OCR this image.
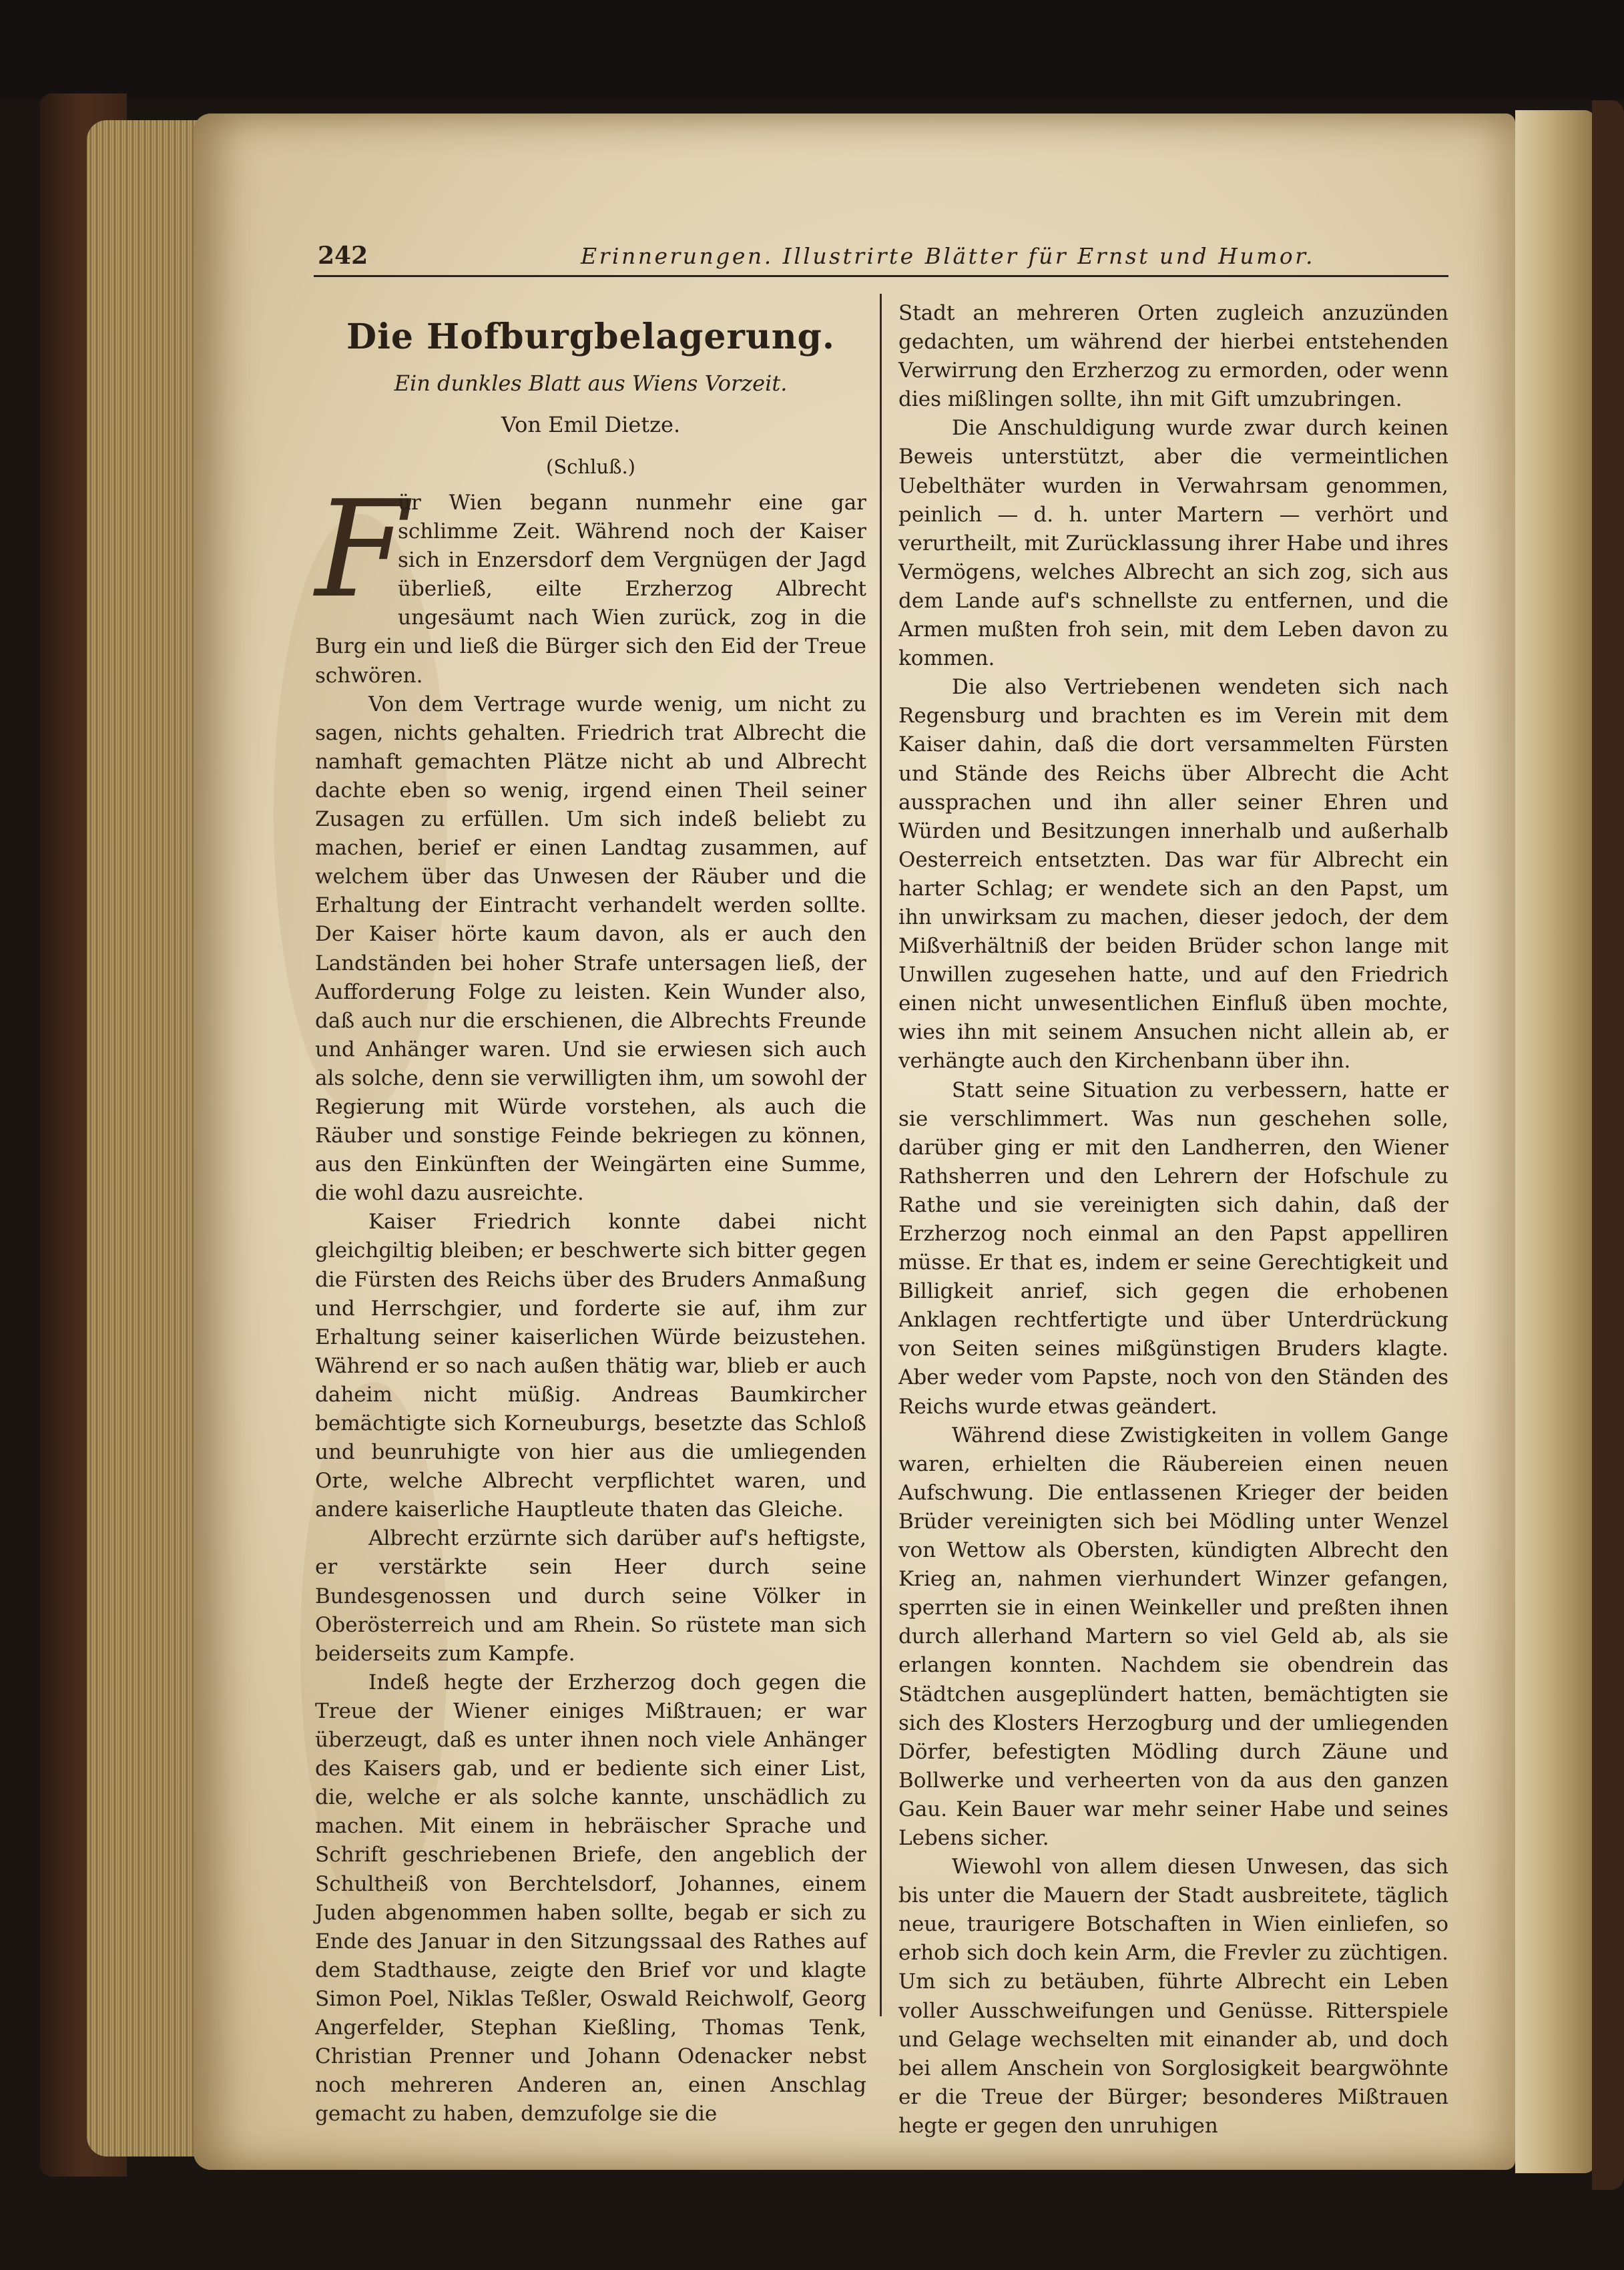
242	Erinnerungen. Illustrirte Blätter für Ernst und Humor.
Die Hofburgbelagerung.
Ein dunkles Blatt aus Wiens Vorzeit.
Von Emil Dietze.
(Schluß.)

F
ür Wien begann nunmehr eine gar schlimme Zeit. Während noch der Kaiser sich in Enzersdorf dem Vergnügen der Jagd überließ, eilte Erzherzog Albrecht ungesäumt nach Wien zurück, zog in die Burg ein und ließ die Bürger sich den Eid der Treue schwören.

Von dem Vertrage wurde wenig, um nicht zu sagen, nichts gehalten. Friedrich trat Albrecht die namhaft gemachten Plätze nicht ab und Albrecht dachte eben so wenig, irgend einen Theil seiner Zusagen zu erfüllen. Um sich indeß beliebt zu machen, berief er einen Landtag zusammen, auf welchem über das Unwesen der Räuber und die Erhaltung der Eintracht verhandelt werden sollte. Der Kaiser hörte kaum davon, als er auch den Landständen bei hoher Strafe untersagen ließ, der Aufforderung Folge zu leisten. Kein Wunder also, daß auch nur die erschienen, die Albrechts Freunde und Anhänger waren. Und sie erwiesen sich auch als solche, denn sie verwilligten ihm, um sowohl der Regierung mit Würde vorstehen, als auch die Räuber und sonstige Feinde bekriegen zu können, aus den Einkünften der Weingärten eine Summe, die wohl dazu ausreichte.

Kaiser Friedrich konnte dabei nicht gleichgiltig bleiben; er beschwerte sich bitter gegen die Fürsten des Reichs über des Bruders Anmaßung und Herrschgier, und forderte sie auf, ihm zur Erhaltung seiner kaiserlichen Würde beizustehen. Während er so nach außen thätig war, blieb er auch daheim nicht müßig. Andreas Baumkircher bemächtigte sich Korneuburgs, besetzte das Schloß und beunruhigte von hier aus die umliegenden Orte, welche Albrecht verpflichtet waren, und andere kaiserliche Hauptleute thaten das Gleiche.

Albrecht erzürnte sich darüber auf's heftigste, er verstärkte sein Heer durch seine Bundesgenossen und durch seine Völker in Oberösterreich und am Rhein. So rüstete man sich beiderseits zum Kampfe.

Indeß hegte der Erzherzog doch gegen die Treue der Wiener einiges Mißtrauen; er war überzeugt, daß es unter ihnen noch viele Anhänger des Kaisers gab, und er bediente sich einer List, die, welche er als solche kannte, unschädlich zu machen. Mit einem in hebräischer Sprache und Schrift geschriebenen Briefe, den angeblich der Schultheiß von Berchtelsdorf, Johannes, einem Juden abgenommen haben sollte, begab er sich zu Ende des Januar in den Sitzungssaal des Rathes auf dem Stadthause, zeigte den Brief vor und klagte Simon Poel, Niklas Teßler, Oswald Reichwolf, Georg Angerfelder, Stephan Kießling, Thomas Tenk, Christian Prenner und Johann Odenacker nebst noch mehreren Anderen an, einen Anschlag gemacht zu haben, demzufolge sie die

Stadt an mehreren Orten zugleich anzuzünden gedachten, um während der hierbei entstehenden Verwirrung den Erzherzog zu ermorden, oder wenn dies mißlingen sollte, ihn mit Gift umzubringen.

Die Anschuldigung wurde zwar durch keinen Beweis unterstützt, aber die vermeintlichen Uebelthäter wurden in Verwahrsam genommen, peinlich — d. h. unter Martern — verhört und verurtheilt, mit Zurücklassung ihrer Habe und ihres Vermögens, welches Albrecht an sich zog, sich aus dem Lande auf's schnellste zu entfernen, und die Armen mußten froh sein, mit dem Leben davon zu kommen.

Die also Vertriebenen wendeten sich nach Regensburg und brachten es im Verein mit dem Kaiser dahin, daß die dort versammelten Fürsten und Stände des Reichs über Albrecht die Acht aussprachen und ihn aller seiner Ehren und Würden und Besitzungen innerhalb und außerhalb Oesterreich entsetzten. Das war für Albrecht ein harter Schlag; er wendete sich an den Papst, um ihn unwirksam zu machen, dieser jedoch, der dem Mißverhältniß der beiden Brüder schon lange mit Unwillen zugesehen hatte, und auf den Friedrich einen nicht unwesentlichen Einfluß üben mochte, wies ihn mit seinem Ansuchen nicht allein ab, er verhängte auch den Kirchenbann über ihn.

Statt seine Situation zu verbessern, hatte er sie verschlimmert. Was nun geschehen solle, darüber ging er mit den Landherren, den Wiener Rathsherren und den Lehrern der Hofschule zu Rathe und sie vereinigten sich dahin, daß der Erzherzog noch einmal an den Papst appelliren müsse. Er that es, indem er seine Gerechtigkeit und Billigkeit anrief, sich gegen die erhobenen Anklagen rechtfertigte und über Unterdrückung von Seiten seines mißgünstigen Bruders klagte. Aber weder vom Papste, noch von den Ständen des Reichs wurde etwas geändert.

Während diese Zwistigkeiten in vollem Gange waren, erhielten die Räubereien einen neuen Aufschwung. Die entlassenen Krieger der beiden Brüder vereinigten sich bei Mödling unter Wenzel von Wettow als Obersten, kündigten Albrecht den Krieg an, nahmen vierhundert Winzer gefangen, sperrten sie in einen Weinkeller und preßten ihnen durch allerhand Martern so viel Geld ab, als sie erlangen konnten. Nachdem sie obendrein das Städtchen ausgeplündert hatten, bemächtigten sie sich des Klosters Herzogburg und der umliegenden Dörfer, befestigten Mödling durch Zäune und Bollwerke und verheerten von da aus den ganzen Gau. Kein Bauer war mehr seiner Habe und seines Lebens sicher.

Wiewohl von allem diesen Unwesen, das sich bis unter die Mauern der Stadt ausbreitete, täglich neue, traurigere Botschaften in Wien einliefen, so erhob sich doch kein Arm, die Frevler zu züchtigen. Um sich zu betäuben, führte Albrecht ein Leben voller Ausschweifungen und Genüsse. Ritterspiele und Gelage wechselten mit einander ab, und doch bei allem Anschein von Sorglosigkeit beargwöhnte er die Treue der Bürger; besonderes Mißtrauen hegte er gegen den unruhigen
